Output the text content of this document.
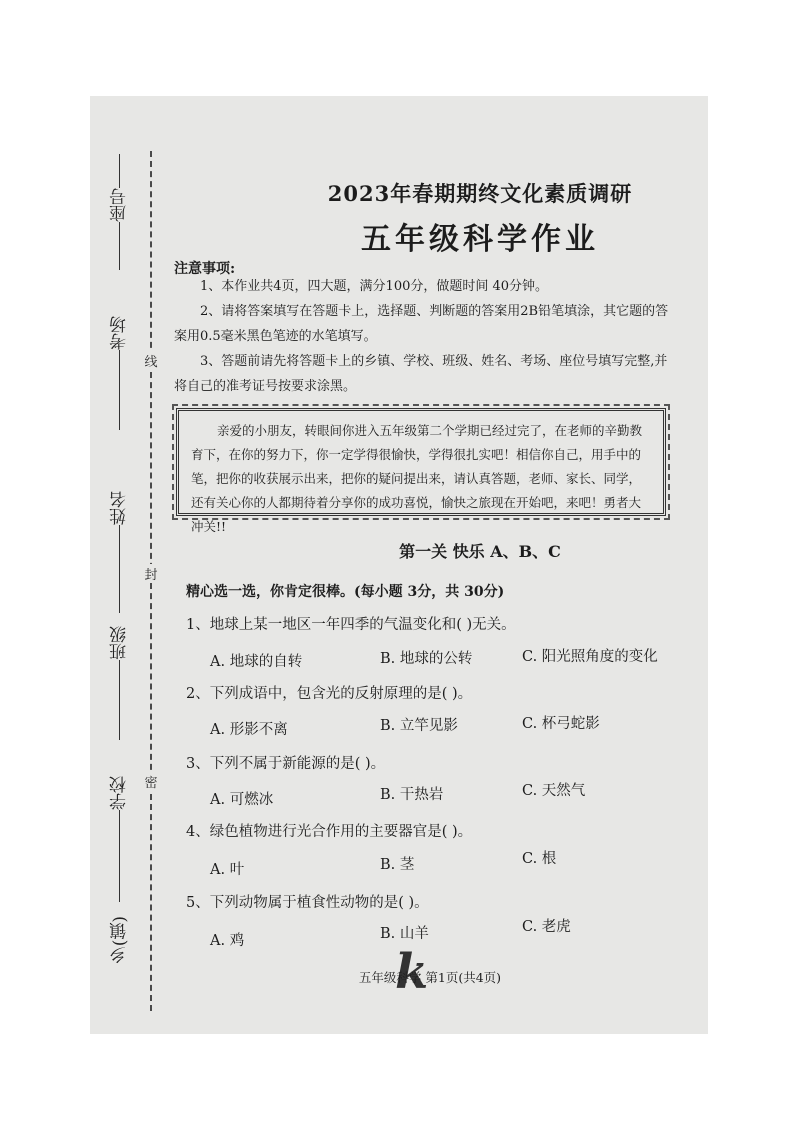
座号
考场
姓名
班级
学校
乡(镇)
线
封
密
2023年春期期终文化素质调研
五年级科学作业
注意事项:
1、本作业共4页，四大题，满分100分，做题时间 40分钟。
2、请将答案填写在答题卡上，选择题、判断题的答案用2B铅笔填涂，其它题的答案用0.5毫米黑色笔迹的水笔填写。
3、答题前请先将答题卡上的乡镇、学校、班级、姓名、考场、座位号填写完整,并将自己的准考证号按要求涂黑。
亲爱的小朋友，转眼间你进入五年级第二个学期已经过完了，在老师的辛勤教育下，在你的努力下，你一定学得很愉快，学得很扎实吧！相信你自己，用手中的笔，把你的收获展示出来，把你的疑问提出来，请认真答题，老师、家长、同学，还有关心你的人都期待着分享你的成功喜悦，愉快之旅现在开始吧，来吧！勇者大冲关!!
第一关 快乐 A、B、C
精心选一选，你肯定很棒。(每小题 3分，共 30分)
1、地球上某一地区一年四季的气温变化和( )无关。
A. 地球的自转	B. 地球的公转	C. 阳光照角度的变化
2、下列成语中，包含光的反射原理的是( )。
A. 形影不离	B. 立竿见影	C. 杯弓蛇影
3、下列不属于新能源的是( )。
A. 可燃冰	B. 干热岩	C. 天然气
4、绿色植物进行光合作用的主要器官是( )。
A. 叶	B. 茎	C. 根
5、下列动物属于植食性动物的是( )。
A. 鸡	B. 山羊	C. 老虎
k
五年级科学 第1页(共4页)
